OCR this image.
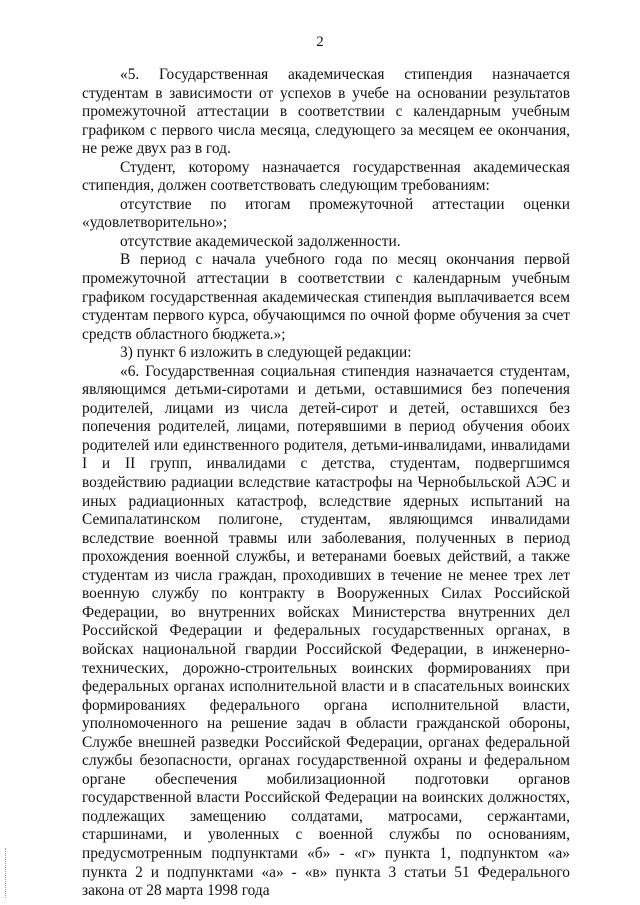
2

«5. Государственная академическая стипендия назначается студентам в зависимости от успехов в учебе на основании результатов промежуточной аттестации в соответствии с календарным учебным графиком с первого числа месяца, следующего за месяцем ее окончания, не реже двух раз в год.

Студент, которому назначается государственная академическая стипендия, должен соответствовать следующим требованиям:

отсутствие по итогам промежуточной аттестации оценки «удовлетворительно»;

отсутствие академической задолженности.

В период с начала учебного года по месяц окончания первой промежуточной аттестации в соответствии с календарным учебным графиком государственная академическая стипендия выплачивается всем студентам первого курса, обучающимся по очной форме обучения за счет средств областного бюджета.»;

3) пункт 6 изложить в следующей редакции:

«6. Государственная социальная стипендия назначается студентам, являющимся детьми-сиротами и детьми, оставшимися без попечения родителей, лицами из числа детей-сирот и детей, оставшихся без попечения родителей, лицами, потерявшими в период обучения обоих родителей или единственного родителя, детьми-инвалидами, инвалидами I и II групп, инвалидами с детства, студентам, подвергшимся воздействию радиации вследствие катастрофы на Чернобыльской АЭС и иных радиационных катастроф, вследствие ядерных испытаний на Семипалатинском полигоне, студентам, являющимся инвалидами вследствие военной травмы или заболевания, полученных в период прохождения военной службы, и ветеранами боевых действий, а также студентам из числа граждан, проходивших в течение не менее трех лет военную службу по контракту в Вооруженных Силах Российской Федерации, во внутренних войсках Министерства внутренних дел Российской Федерации и федеральных государственных органах, в войсках национальной гвардии Российской Федерации, в инженерно-технических, дорожно-строительных воинских формированиях при федеральных органах исполнительной власти и в спасательных воинских формированиях федерального органа исполнительной власти, уполномоченного на решение задач в области гражданской обороны, Службе внешней разведки Российской Федерации, органах федеральной службы безопасности, органах государственной охраны и федеральном органе обеспечения мобилизационной подготовки органов государственной власти Российской Федерации на воинских должностях, подлежащих замещению солдатами, матросами, сержантами, старшинами, и уволенных с военной службы по основаниям, предусмотренным подпунктами «б» - «г» пункта 1, подпунктом «а» пункта 2 и подпунктами «а» - «в» пункта 3 статьи 51 Федерального закона от 28 марта 1998 года
